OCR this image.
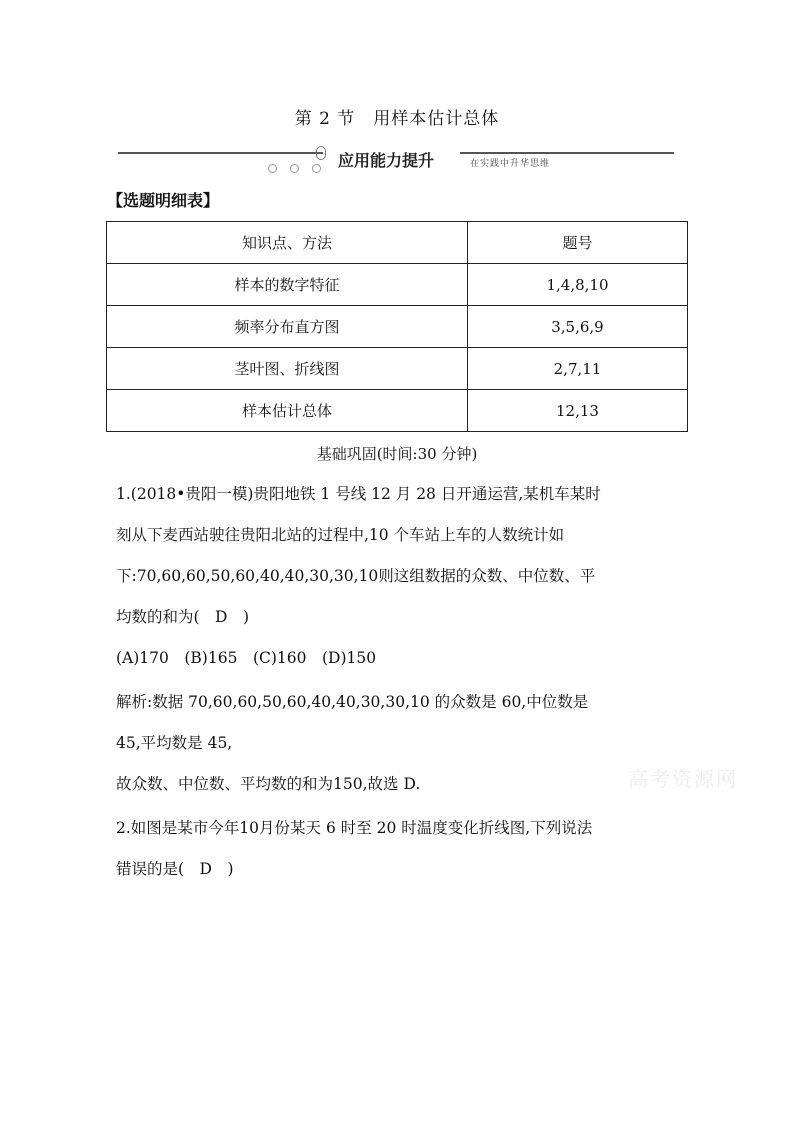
第 2 节　用样本估计总体
应用能力提升	在实践中升华思维
【选题明细表】
知识点、方法	题号
样本的数字特征	1,4,8,10
频率分布直方图	3,5,6,9
茎叶图、折线图	2,7,11
样本估计总体	12,13
基础巩固(时间:30 分钟)
1.(2018•贵阳一模)贵阳地铁 1 号线 12 月 28 日开通运营,某机车某时
刻从下麦西站驶往贵阳北站的过程中,10 个车站上车的人数统计如
下:70,60,60,50,60,40,40,30,30,10则这组数据的众数、中位数、平
均数的和为(　D　)
(A)170　(B)165　(C)160　(D)150
解析:数据 70,60,60,50,60,40,40,30,30,10 的众数是 60,中位数是
45,平均数是 45,
故众数、中位数、平均数的和为150,故选 D.	高考资源网
2.如图是某市今年10月份某天 6 时至 20 时温度变化折线图,下列说法
错误的是(　D　)
